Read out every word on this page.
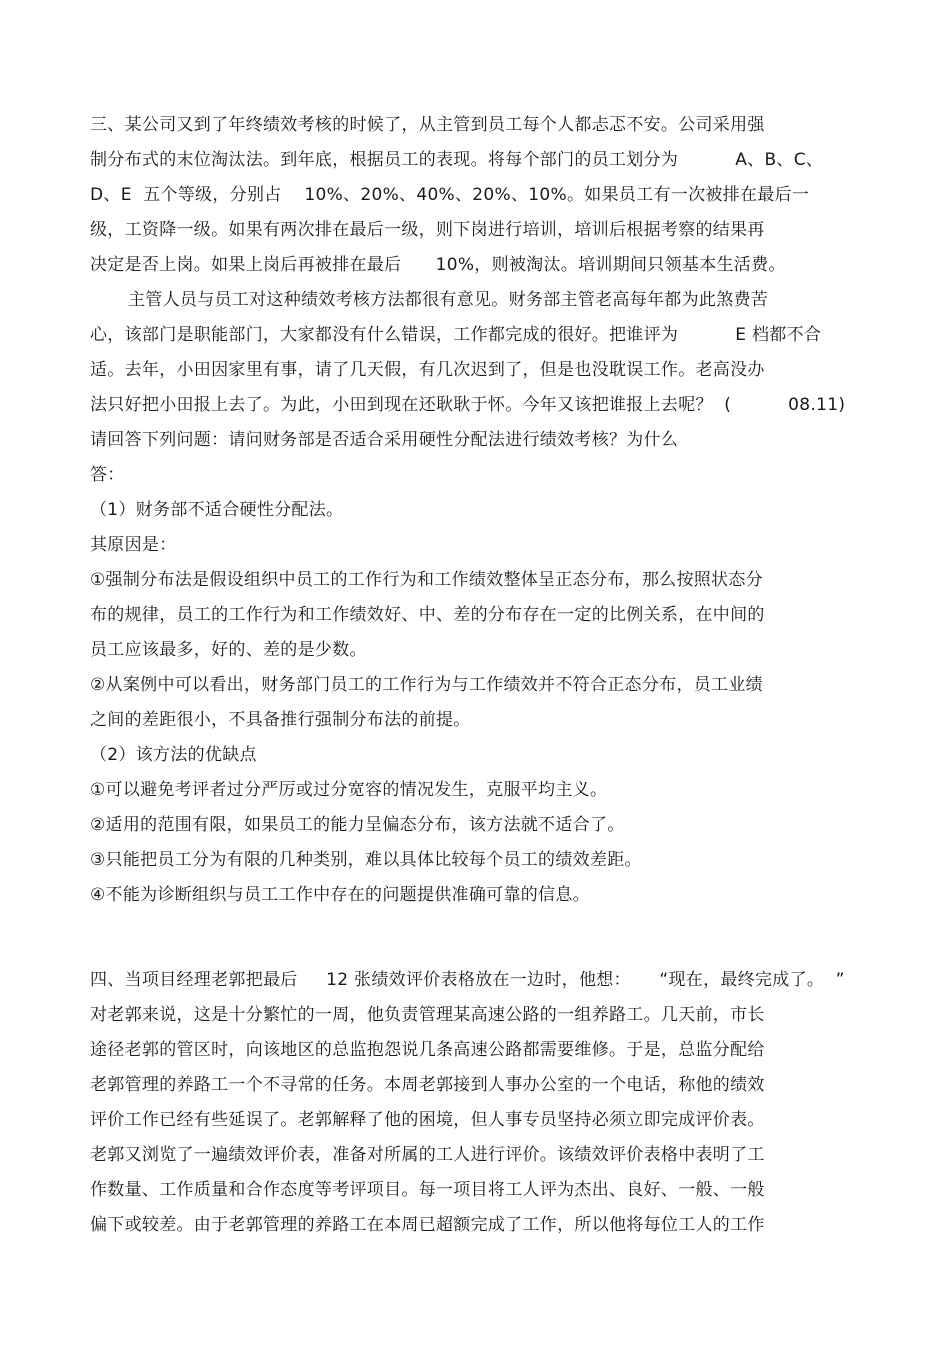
三、某公司又到了年终绩效考核的时候了，从主管到员工每个人都忐忑不安。公司采用强
制分布式的末位淘汰法。到年底，根据员工的表现。将每个部门的员工划分为          A、B、C、
D、E  五个等级，分别占    10%、20%、40%、20%、10%。如果员工有一次被排在最后一
级，工资降一级。如果有两次排在最后一级，则下岗进行培训，培训后根据考察的结果再
决定是否上岗。如果上岗后再被排在最后      10%，则被淘汰。培训期间只领基本生活费。
主管人员与员工对这种绩效考核方法都很有意见。财务部主管老高每年都为此煞费苦
心，该部门是职能部门，大家都没有什么错误，工作都完成的很好。把谁评为          E 档都不合
适。去年，小田因家里有事，请了几天假，有几次迟到了，但是也没耽误工作。老高没办
法只好把小田报上去了。为此，小田到现在还耿耿于怀。今年又该把谁报上去呢？  (          08.11)
请回答下列问题：请问财务部是否适合采用硬性分配法进行绩效考核？为什么
答：
（1）财务部不适合硬性分配法。
其原因是：
①强制分布法是假设组织中员工的工作行为和工作绩效整体呈正态分布，那么按照状态分
布的规律，员工的工作行为和工作绩效好、中、差的分布存在一定的比例关系，在中间的
员工应该最多，好的、差的是少数。
②从案例中可以看出，财务部门员工的工作行为与工作绩效并不符合正态分布，员工业绩
之间的差距很小，不具备推行强制分布法的前提。
（2）该方法的优缺点
①可以避免考评者过分严厉或过分宽容的情况发生，克服平均主义。
②适用的范围有限，如果员工的能力呈偏态分布，该方法就不适合了。
③只能把员工分为有限的几种类别，难以具体比较每个员工的绩效差距。
④不能为诊断组织与员工工作中存在的问题提供准确可靠的信息。
四、当项目经理老郭把最后     12 张绩效评价表格放在一边时，他想：     “现在，最终完成了。  ”
对老郭来说，这是十分繁忙的一周，他负责管理某高速公路的一组养路工。几天前，市长
途径老郭的管区时，向该地区的总监抱怨说几条高速公路都需要维修。于是，总监分配给
老郭管理的养路工一个不寻常的任务。本周老郭接到人事办公室的一个电话，称他的绩效
评价工作已经有些延误了。老郭解释了他的困境，但人事专员坚持必须立即完成评价表。
老郭又浏览了一遍绩效评价表，准备对所属的工人进行评价。该绩效评价表格中表明了工
作数量、工作质量和合作态度等考评项目。每一项目将工人评为杰出、良好、一般、一般
偏下或较差。由于老郭管理的养路工在本周已超额完成了工作，所以他将每位工人的工作
